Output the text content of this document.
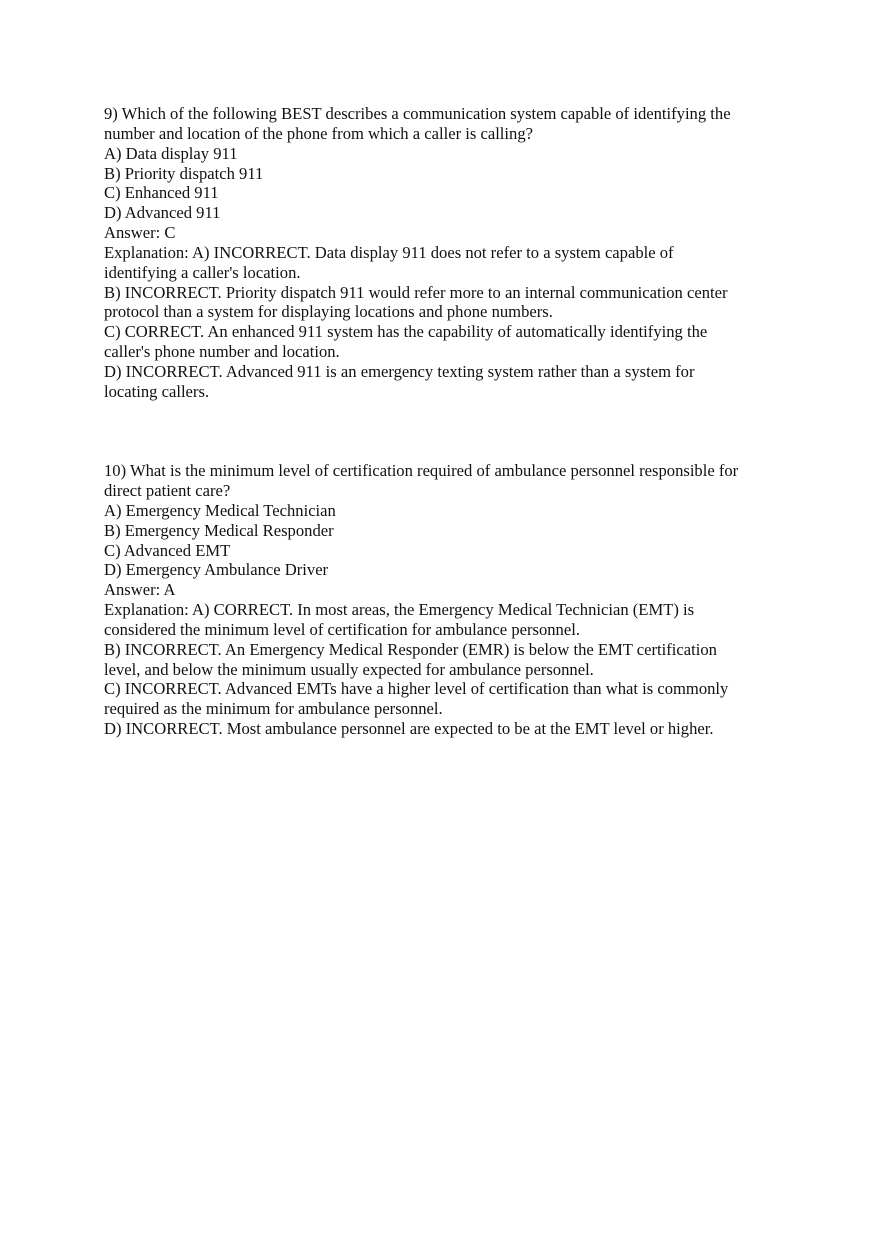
9) Which of the following BEST describes a communication system capable of identifying the
number and location of the phone from which a caller is calling?
A) Data display 911
B) Priority dispatch 911
C) Enhanced 911
D) Advanced 911
Answer: C
Explanation: A) INCORRECT. Data display 911 does not refer to a system capable of
identifying a caller's location.
B) INCORRECT. Priority dispatch 911 would refer more to an internal communication center
protocol than a system for displaying locations and phone numbers.
C) CORRECT. An enhanced 911 system has the capability of automatically identifying the
caller's phone number and location.
D) INCORRECT. Advanced 911 is an emergency texting system rather than a system for
locating callers.
10) What is the minimum level of certification required of ambulance personnel responsible for
direct patient care?
A) Emergency Medical Technician
B) Emergency Medical Responder
C) Advanced EMT
D) Emergency Ambulance Driver
Answer: A
Explanation: A) CORRECT. In most areas, the Emergency Medical Technician (EMT) is
considered the minimum level of certification for ambulance personnel.
B) INCORRECT. An Emergency Medical Responder (EMR) is below the EMT certification
level, and below the minimum usually expected for ambulance personnel.
C) INCORRECT. Advanced EMTs have a higher level of certification than what is commonly
required as the minimum for ambulance personnel.
D) INCORRECT. Most ambulance personnel are expected to be at the EMT level or higher.
